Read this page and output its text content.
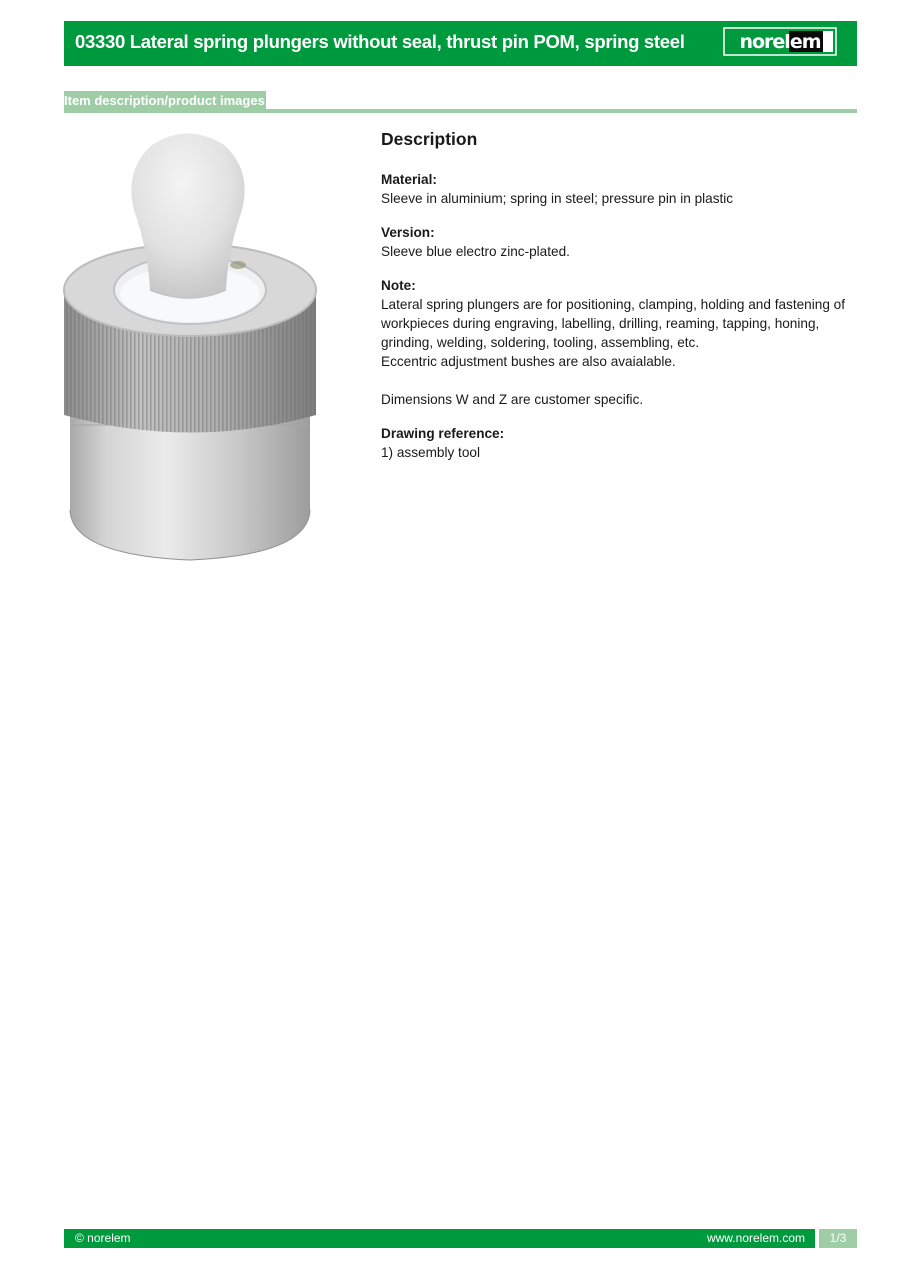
03330 Lateral spring plungers without seal, thrust pin POM, spring steel	norelem
Item description/product images
Description
Material:
Sleeve in aluminium; spring in steel; pressure pin in plastic
Version:
Sleeve blue electro zinc-plated.
Note:
Lateral spring plungers are for positioning, clamping, holding and fastening of workpieces during engraving, labelling, drilling, reaming, tapping, honing, grinding, welding, soldering, tooling, assembling, etc.
Eccentric adjustment bushes are also avaialable.
Dimensions W and Z are customer specific.
Drawing reference:
1) assembly tool
© norelem	www.norelem.com	1/3
